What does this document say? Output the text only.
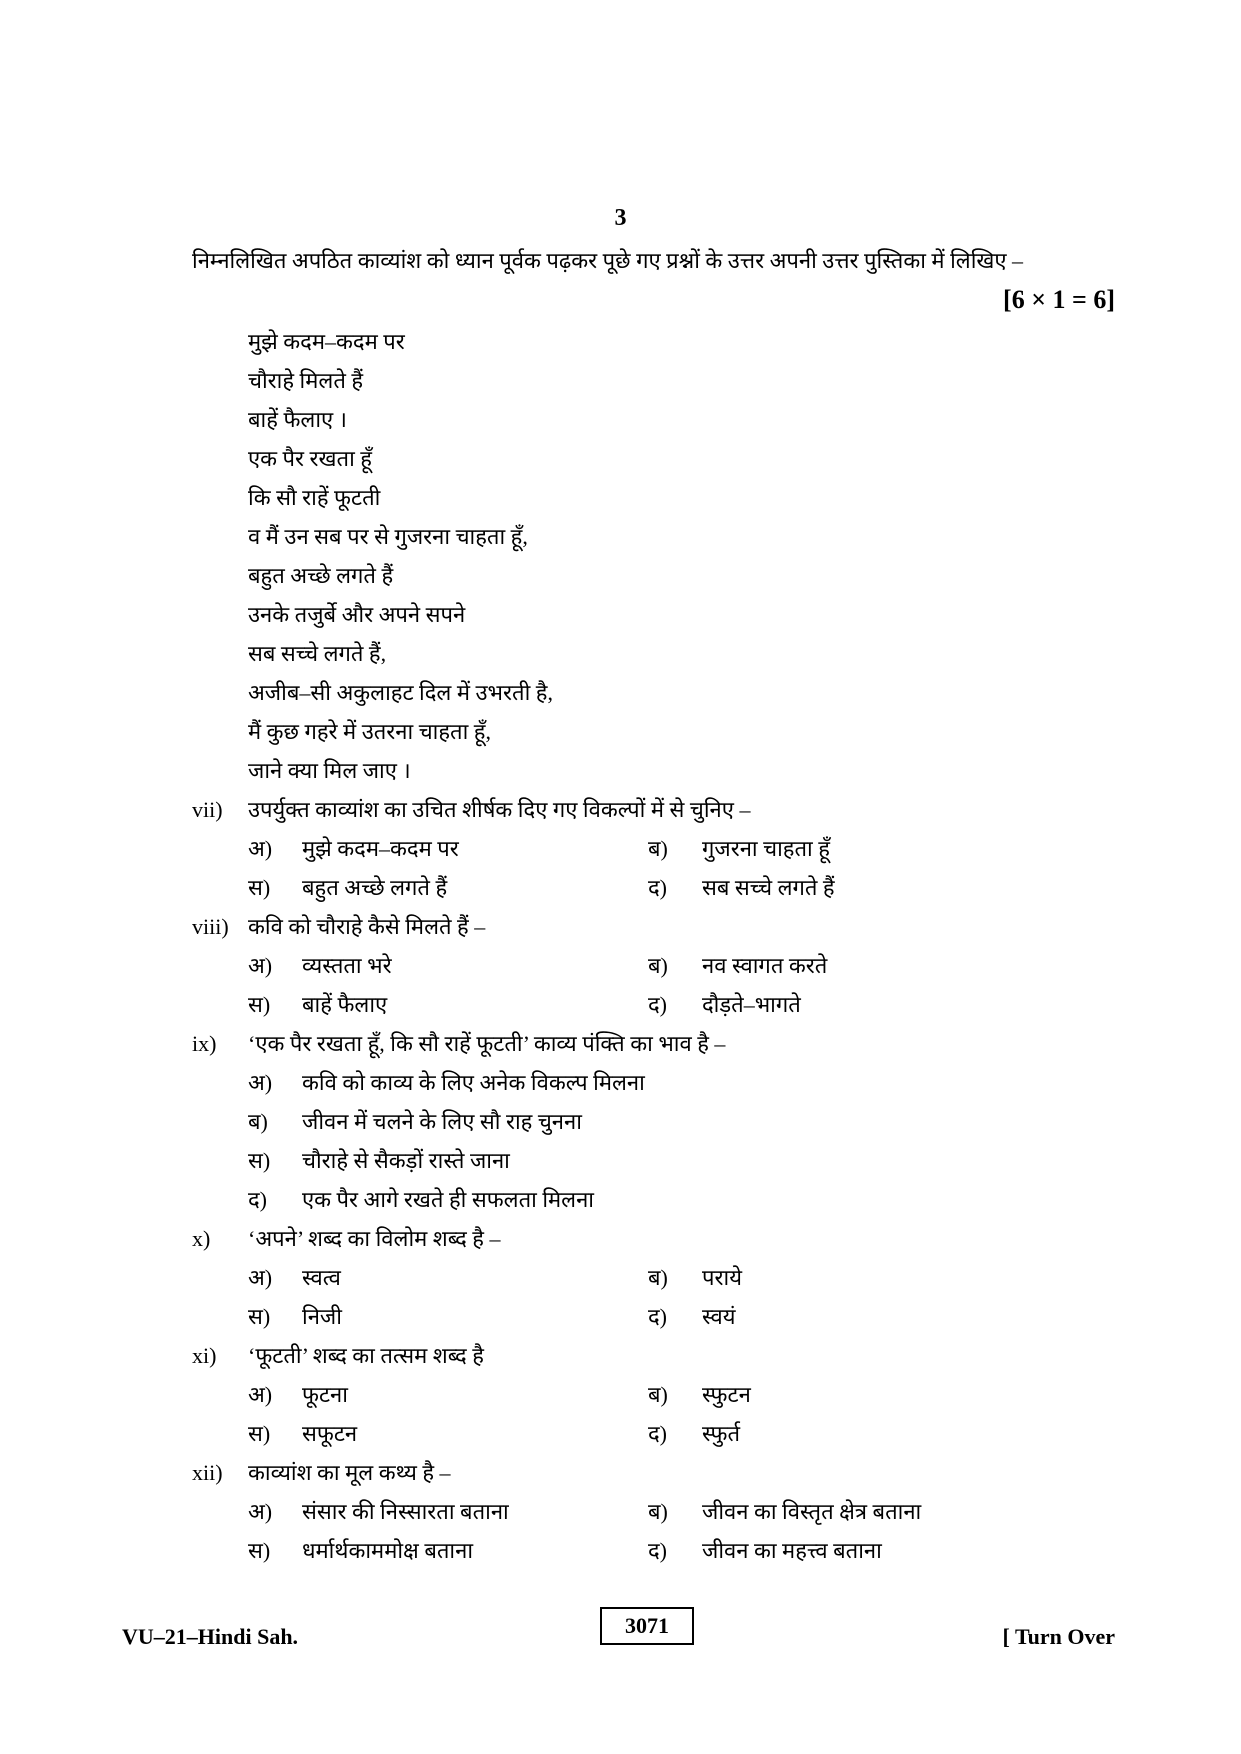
3
निम्नलिखित अपठित काव्यांश को ध्यान पूर्वक पढ़कर पूछे गए प्रश्नों के उत्तर अपनी उत्तर पुस्तिका में लिखिए –
[6 × 1 = 6]
मुझे कदम–कदम पर
चौराहे मिलते हैं
बाहें फैलाए ।
एक पैर रखता हूँ
कि सौ राहें फूटती
व मैं उन सब पर से गुजरना चाहता हूँ,
बहुत अच्छे लगते हैं
उनके तजुर्बे और अपने सपने
सब सच्चे लगते हैं,
अजीब–सी अकुलाहट दिल में उभरती है,
मैं कुछ गहरे में उतरना चाहता हूँ,
जाने क्या मिल जाए ।
vii)	उपर्युक्त काव्यांश का उचित शीर्षक दिए गए विकल्पों में से चुनिए –
अ) मुझे कदम–कदम पर	ब) गुजरना चाहता हूँ
स) बहुत अच्छे लगते हैं	द) सब सच्चे लगते हैं
viii) कवि को चौराहे कैसे मिलते हैं –
अ) व्यस्तता भरे	ब) नव स्वागत करते
स) बाहें फैलाए	द) दौड़ते–भागते
ix)	‘एक पैर रखता हूँ, कि सौ राहें फूटती’ काव्य पंक्ति का भाव है –
अ) कवि को काव्य के लिए अनेक विकल्प मिलना
ब) जीवन में चलने के लिए सौ राह चुनना
स) चौराहे से सैकड़ों रास्ते जाना
द) एक पैर आगे रखते ही सफलता मिलना
x)	‘अपने’ शब्द का विलोम शब्द है –
अ) स्वत्व	ब) पराये
स) निजी	द) स्वयं
xi)	‘फूटती’ शब्द का तत्सम शब्द है
अ) फूटना	ब) स्फुटन
स) सफूटन	द) स्फुर्त
xii)	काव्यांश का मूल कथ्य है –
अ) संसार की निस्सारता बताना	ब) जीवन का विस्तृत क्षेत्र बताना
स) धर्मार्थकाममोक्ष बताना	द) जीवन का महत्त्व बताना
VU–21–Hindi Sah.	3071	[ Turn Over
